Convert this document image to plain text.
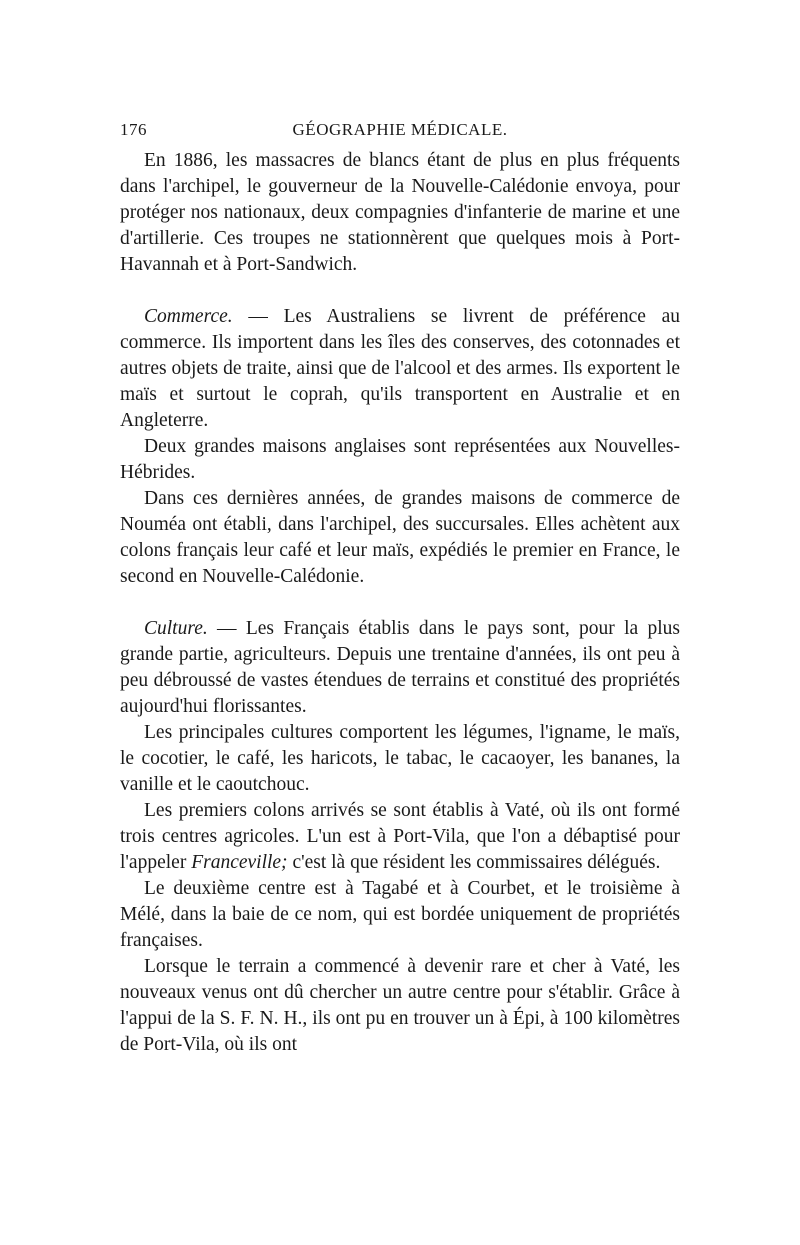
176	GÉOGRAPHIE MÉDICALE.

En 1886, les massacres de blancs étant de plus en plus fréquents dans l'archipel, le gouverneur de la Nouvelle-Calédonie envoya, pour protéger nos nationaux, deux compagnies d'infanterie de marine et une d'artillerie. Ces troupes ne stationnèrent que quelques mois à Port-Havannah et à Port-Sandwich.

Commerce. — Les Australiens se livrent de préférence au commerce. Ils importent dans les îles des conserves, des cotonnades et autres objets de traite, ainsi que de l'alcool et des armes. Ils exportent le maïs et surtout le coprah, qu'ils transportent en Australie et en Angleterre.

Deux grandes maisons anglaises sont représentées aux Nouvelles-Hébrides.

Dans ces dernières années, de grandes maisons de commerce de Nouméa ont établi, dans l'archipel, des succursales. Elles achètent aux colons français leur café et leur maïs, expédiés le premier en France, le second en Nouvelle-Calédonie.

Culture. — Les Français établis dans le pays sont, pour la plus grande partie, agriculteurs. Depuis une trentaine d'années, ils ont peu à peu débroussé de vastes étendues de terrains et constitué des propriétés aujourd'hui florissantes.

Les principales cultures comportent les légumes, l'igname, le maïs, le cocotier, le café, les haricots, le tabac, le cacaoyer, les bananes, la vanille et le caoutchouc.

Les premiers colons arrivés se sont établis à Vaté, où ils ont formé trois centres agricoles. L'un est à Port-Vila, que l'on a débaptisé pour l'appeler Franceville; c'est là que résident les commissaires délégués.

Le deuxième centre est à Tagabé et à Courbet, et le troisième à Mélé, dans la baie de ce nom, qui est bordée uniquement de propriétés françaises.

Lorsque le terrain a commencé à devenir rare et cher à Vaté, les nouveaux venus ont dû chercher un autre centre pour s'établir. Grâce à l'appui de la S. F. N. H., ils ont pu en trouver un à Épi, à 100 kilomètres de Port-Vila, où ils ont
